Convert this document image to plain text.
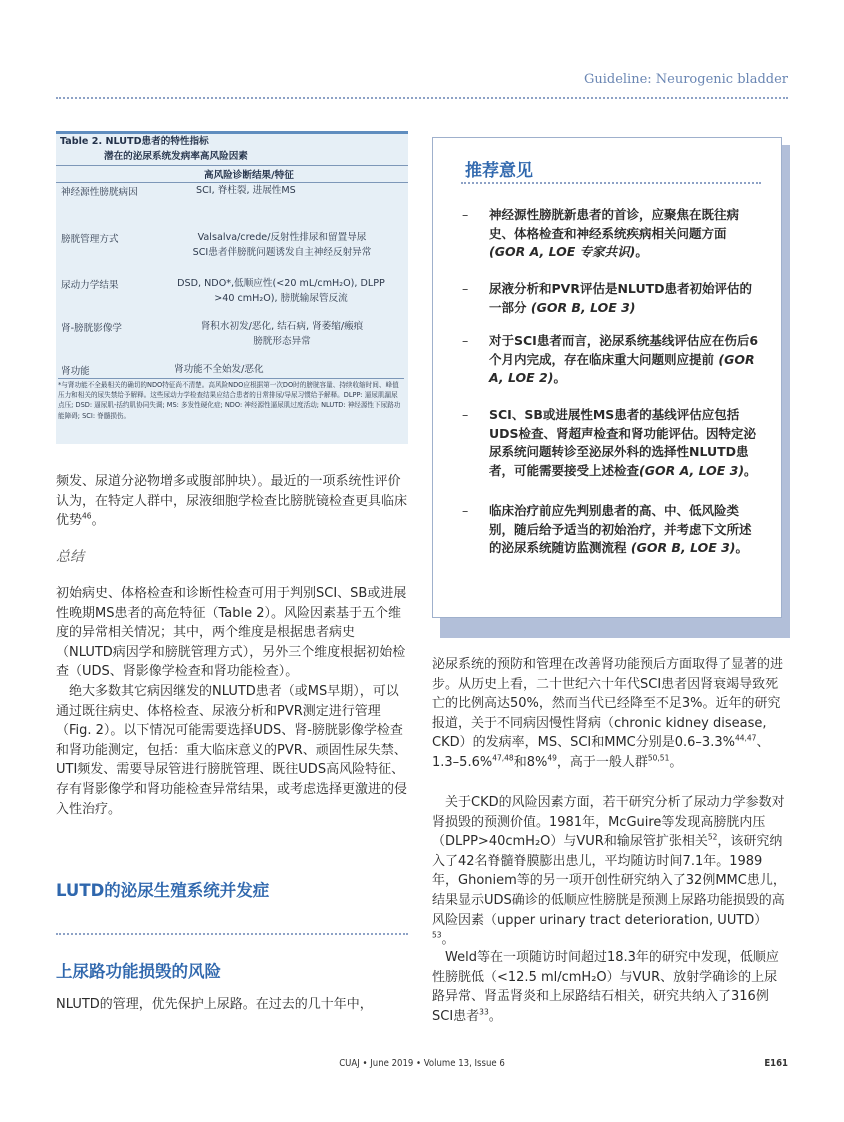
Guideline: Neurogenic bladder
Table 2. NLUTD患者的特性指标
潜在的泌尿系统发病率高风险因素
高风险诊断结果/特征
神经源性膀胱病因	SCI, 脊柱裂, 进展性MS
膀胱管理方式	Valsalva/crede/反射性排尿和留置导尿
SCI患者伴膀胱问题诱发自主神经反射异常
尿动力学结果	DSD, NDO*,低顺应性(<20 mL/cmH₂O), DLPP
>40 cmH₂O), 膀胱输尿管反流
肾-膀胱影像学	肾积水初发/恶化, 结石病, 肾萎缩/瘢痕
膀胱形态异常
肾功能	肾功能不全始发/恶化
*与肾功能不全最相关的确切的NDO特征尚不清楚。高风险NDO应根据第一次DO时的膀胱容量、持续收缩时间、峰值压力和相关的尿失禁给予解释。这些尿动力学检查结果应结合患者的日常排尿/导尿习惯给予解释。DLPP: 逼尿肌漏尿点压; DSD: 逼尿肌-括约肌协同失调; MS: 多发性硬化症; NDO: 神经源性逼尿肌过度活动; NLUTD: 神经源性下尿路功能障碍; SCI: 脊髓损伤。
频发、尿道分泌物增多或腹部肿块）。最近的一项系统性评价认为，在特定人群中，尿液细胞学检查比膀胱镜检查更具临床优势$^{46}$。
总结
初始病史、体格检查和诊断性检查可用于判别SCI、SB或进展性晚期MS患者的高危特征（Table 2）。风险因素基于五个维度的异常相关情况；其中，两个维度是根据患者病史（NLUTD病因学和膀胱管理方式），另外三个维度根据初始检查（UDS、肾影像学检查和肾功能检查）。
　绝大多数其它病因继发的NLUTD患者（或MS早期），可以通过既往病史、体格检查、尿液分析和PVR测定进行管理（Fig. 2）。以下情况可能需要选择UDS、肾-膀胱影像学检查和肾功能测定，包括：重大临床意义的PVR、顽固性尿失禁、UTI频发、需要导尿管进行膀胱管理、既往UDS高风险特征、存有肾影像学和肾功能检查异常结果，或考虑选择更激进的侵入性治疗。
LUTD的泌尿生殖系统并发症
上尿路功能损毁的风险
NLUTD的管理，优先保护上尿路。在过去的几十年中，
推荐意见
– 神经源性膀胱新患者的首诊，应聚焦在既往病史、体格检查和神经系统疾病相关问题方面 (GOR A, LOE 专家共识)。
– 尿液分析和PVR评估是NLUTD患者初始评估的一部分 (GOR B, LOE 3)
– 对于SCI患者而言，泌尿系统基线评估应在伤后6个月内完成，存在临床重大问题则应提前 (GOR A, LOE 2)。
– SCI、SB或进展性MS患者的基线评估应包括UDS检查、肾超声检查和肾功能评估。因特定泌尿系统问题转诊至泌尿外科的选择性NLUTD患者，可能需要接受上述检查(GOR A, LOE 3)。
– 临床治疗前应先判别患者的高、中、低风险类别，随后给予适当的初始治疗，并考虑下文所述的泌尿系统随访监测流程 (GOR B, LOE 3)。
泌尿系统的预防和管理在改善肾功能预后方面取得了显著的进步。从历史上看，二十世纪六十年代SCI患者因肾衰竭导致死亡的比例高达50%，然而当代已经降至不足3%。近年的研究报道，关于不同病因慢性肾病（chronic kidney disease, CKD）的发病率，MS、SCI和MMC分别是0.6–3.3%$^{44,47}$、1.3–5.6%$^{47,48}$和8%$^{49}$，高于一般人群$^{50,51}$。
　关于CKD的风险因素方面，若干研究分析了尿动力学参数对肾损毁的预测价值。1981年，McGuire等发现高膀胱内压（DLPP>40cmH₂O）与VUR和输尿管扩张相关$^{52}$，该研究纳入了42名脊髓脊膜膨出患儿，平均随访时间7.1年。1989年，Ghoniem等的另一项开创性研究纳入了32例MMC患儿，结果显示UDS确诊的低顺应性膀胱是预测上尿路功能损毁的高风险因素（upper urinary tract deterioration, UUTD）$^{53}$。
　Weld等在一项随访时间超过18.3年的研究中发现，低顺应性膀胱低（<12.5 ml/cmH₂O）与VUR、放射学确诊的上尿路异常、肾盂肾炎和上尿路结石相关，研究共纳入了316例SCI患者$^{33}$。
CUAJ • June 2019 • Volume 13, Issue 6	E161
